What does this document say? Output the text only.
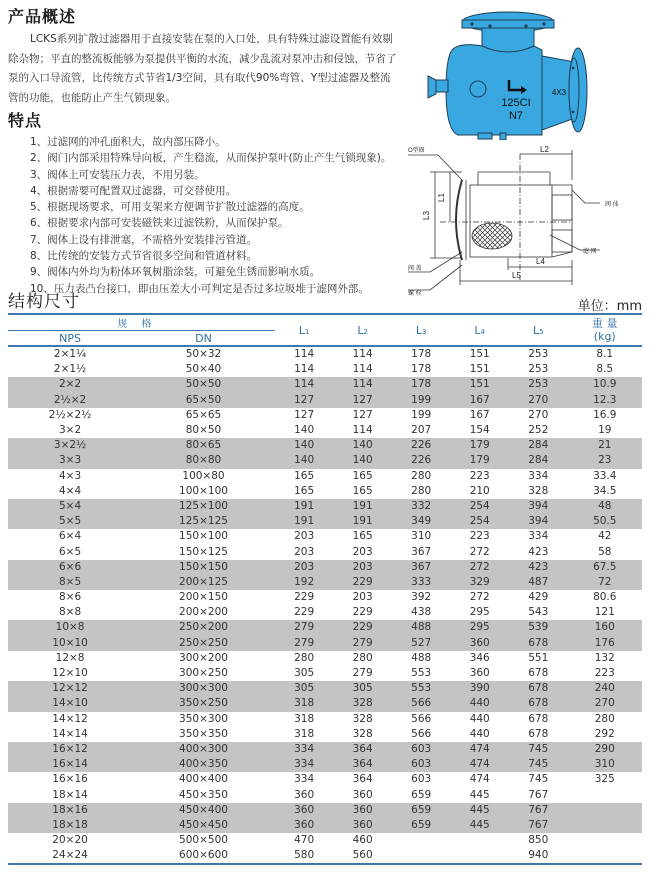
产品概述

LCKS系列扩散过滤器用于直接安装在泵的入口处，具有特殊过滤设置能有效剔除杂物；平直的整流板能够为泵提供平衡的水流，减少乱流对泵冲击和侵蚀，节省了泵的入口导流管，比传统方式节省1/3空间，具有取代90%弯管、Y型过滤器及整流管的功能，也能防止产生气锁现象。

特点
1、过滤网的冲孔面积大，故内部压降小。
2、阀门内部采用特殊导向板，产生稳流，从而保护泵叶(防止产生气锁现象)。
3、阀体上可安装压力表，不用另装。
4、根据需要可配置双过滤器，可交替使用。
5、根据现场要求，可用支架来方便调节扩散过滤器的高度。
6、根据要求内部可安装磁铁来过滤铁粉，从而保护泵。
7、阀体上设有排泄塞，不需格外安装排污管道。
8、比传统的安装方式节省很多空间和管道材料。
9、阀体内外均为粉体环氧树脂涂装，可避免生锈而影响水质。
10、压力表凸台接口，即由压差大小可判定是否过多垃圾堆于滤网外部。
125CI
N7
4X3
O型圈
阀 体
滤 网
阀 盖
螺 栓
L2
L1
L3
L4
L5
结构尺寸	单位：mm
规格		L1	L2	L3	L4	L5	重 量
(kg)
NPS	DN						
2×1¼	50×32	114	114	178	151	253	8.1
2×1½	50×40	114	114	178	151	253	8.5
2×2	50×50	114	114	178	151	253	10.9
2½×2	65×50	127	127	199	167	270	12.3
2½×2½	65×65	127	127	199	167	270	16.9
3×2	80×50	140	114	207	154	252	19
3×2½	80×65	140	140	226	179	284	21
3×3	80×80	140	140	226	179	284	23
4×3	100×80	165	165	280	223	334	33.4
4×4	100×100	165	165	280	210	328	34.5
5×4	125×100	191	191	332	254	394	48
5×5	125×125	191	191	349	254	394	50.5
6×4	150×100	203	165	310	223	334	42
6×5	150×125	203	203	367	272	423	58
6×6	150×150	203	203	367	272	423	67.5
8×5	200×125	192	229	333	329	487	72
8×6	200×150	229	203	392	272	429	80.6
8×8	200×200	229	229	438	295	543	121
10×8	250×200	279	229	488	295	539	160
10×10	250×250	279	279	527	360	678	176
12×8	300×200	280	280	488	346	551	132
12×10	300×250	305	279	553	360	678	223
12×12	300×300	305	305	553	390	678	240
14×10	350×250	318	328	566	440	678	270
14×12	350×300	318	328	566	440	678	280
14×14	350×350	318	328	566	440	678	292
16×12	400×300	334	364	603	474	745	290
16×14	400×350	334	364	603	474	745	310
16×16	400×400	334	364	603	474	745	325
18×14	450×350	360	360	659	445	767	
18×16	450×400	360	360	659	445	767	
18×18	450×450	360	360	659	445	767	
20×20	500×500	470	460			850	
24×24	600×600	580	560			940	
